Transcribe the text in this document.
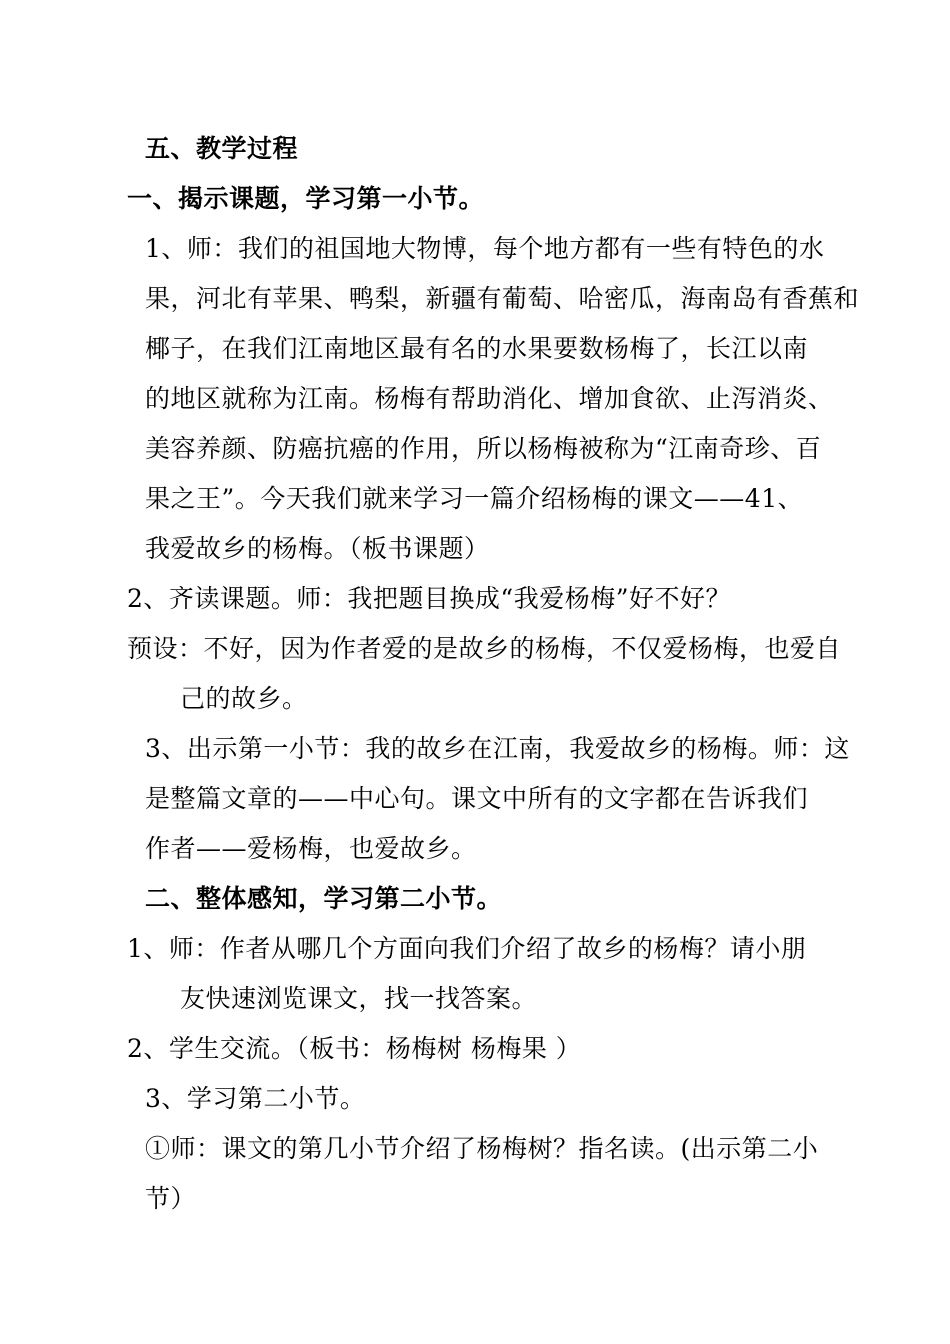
五、教学过程
一、揭示课题，学习第一小节。
1、师：我们的祖国地大物博，每个地方都有一些有特色的水
果，河北有苹果、鸭梨，新疆有葡萄、哈密瓜，海南岛有香蕉和
椰子，在我们江南地区最有名的水果要数杨梅了，长江以南
的地区就称为江南。杨梅有帮助消化、增加食欲、止泻消炎、
美容养颜、防癌抗癌的作用，所以杨梅被称为“江南奇珍、百
果之王”。今天我们就来学习一篇介绍杨梅的课文——41、
我爱故乡的杨梅。（板书课题）
2、齐读课题。师：我把题目换成“我爱杨梅”好不好？
预设：不好，因为作者爱的是故乡的杨梅，不仅爱杨梅，也爱自
己的故乡。
3、出示第一小节：我的故乡在江南，我爱故乡的杨梅。师：这
是整篇文章的——中心句。课文中所有的文字都在告诉我们
作者——爱杨梅，也爱故乡。
二、整体感知，学习第二小节。
1、师：作者从哪几个方面向我们介绍了故乡的杨梅？请小朋
友快速浏览课文，找一找答案。
2、学生交流。（板书：杨梅树 杨梅果 ）
3、学习第二小节。
①师：课文的第几小节介绍了杨梅树？指名读。(出示第二小
节）
